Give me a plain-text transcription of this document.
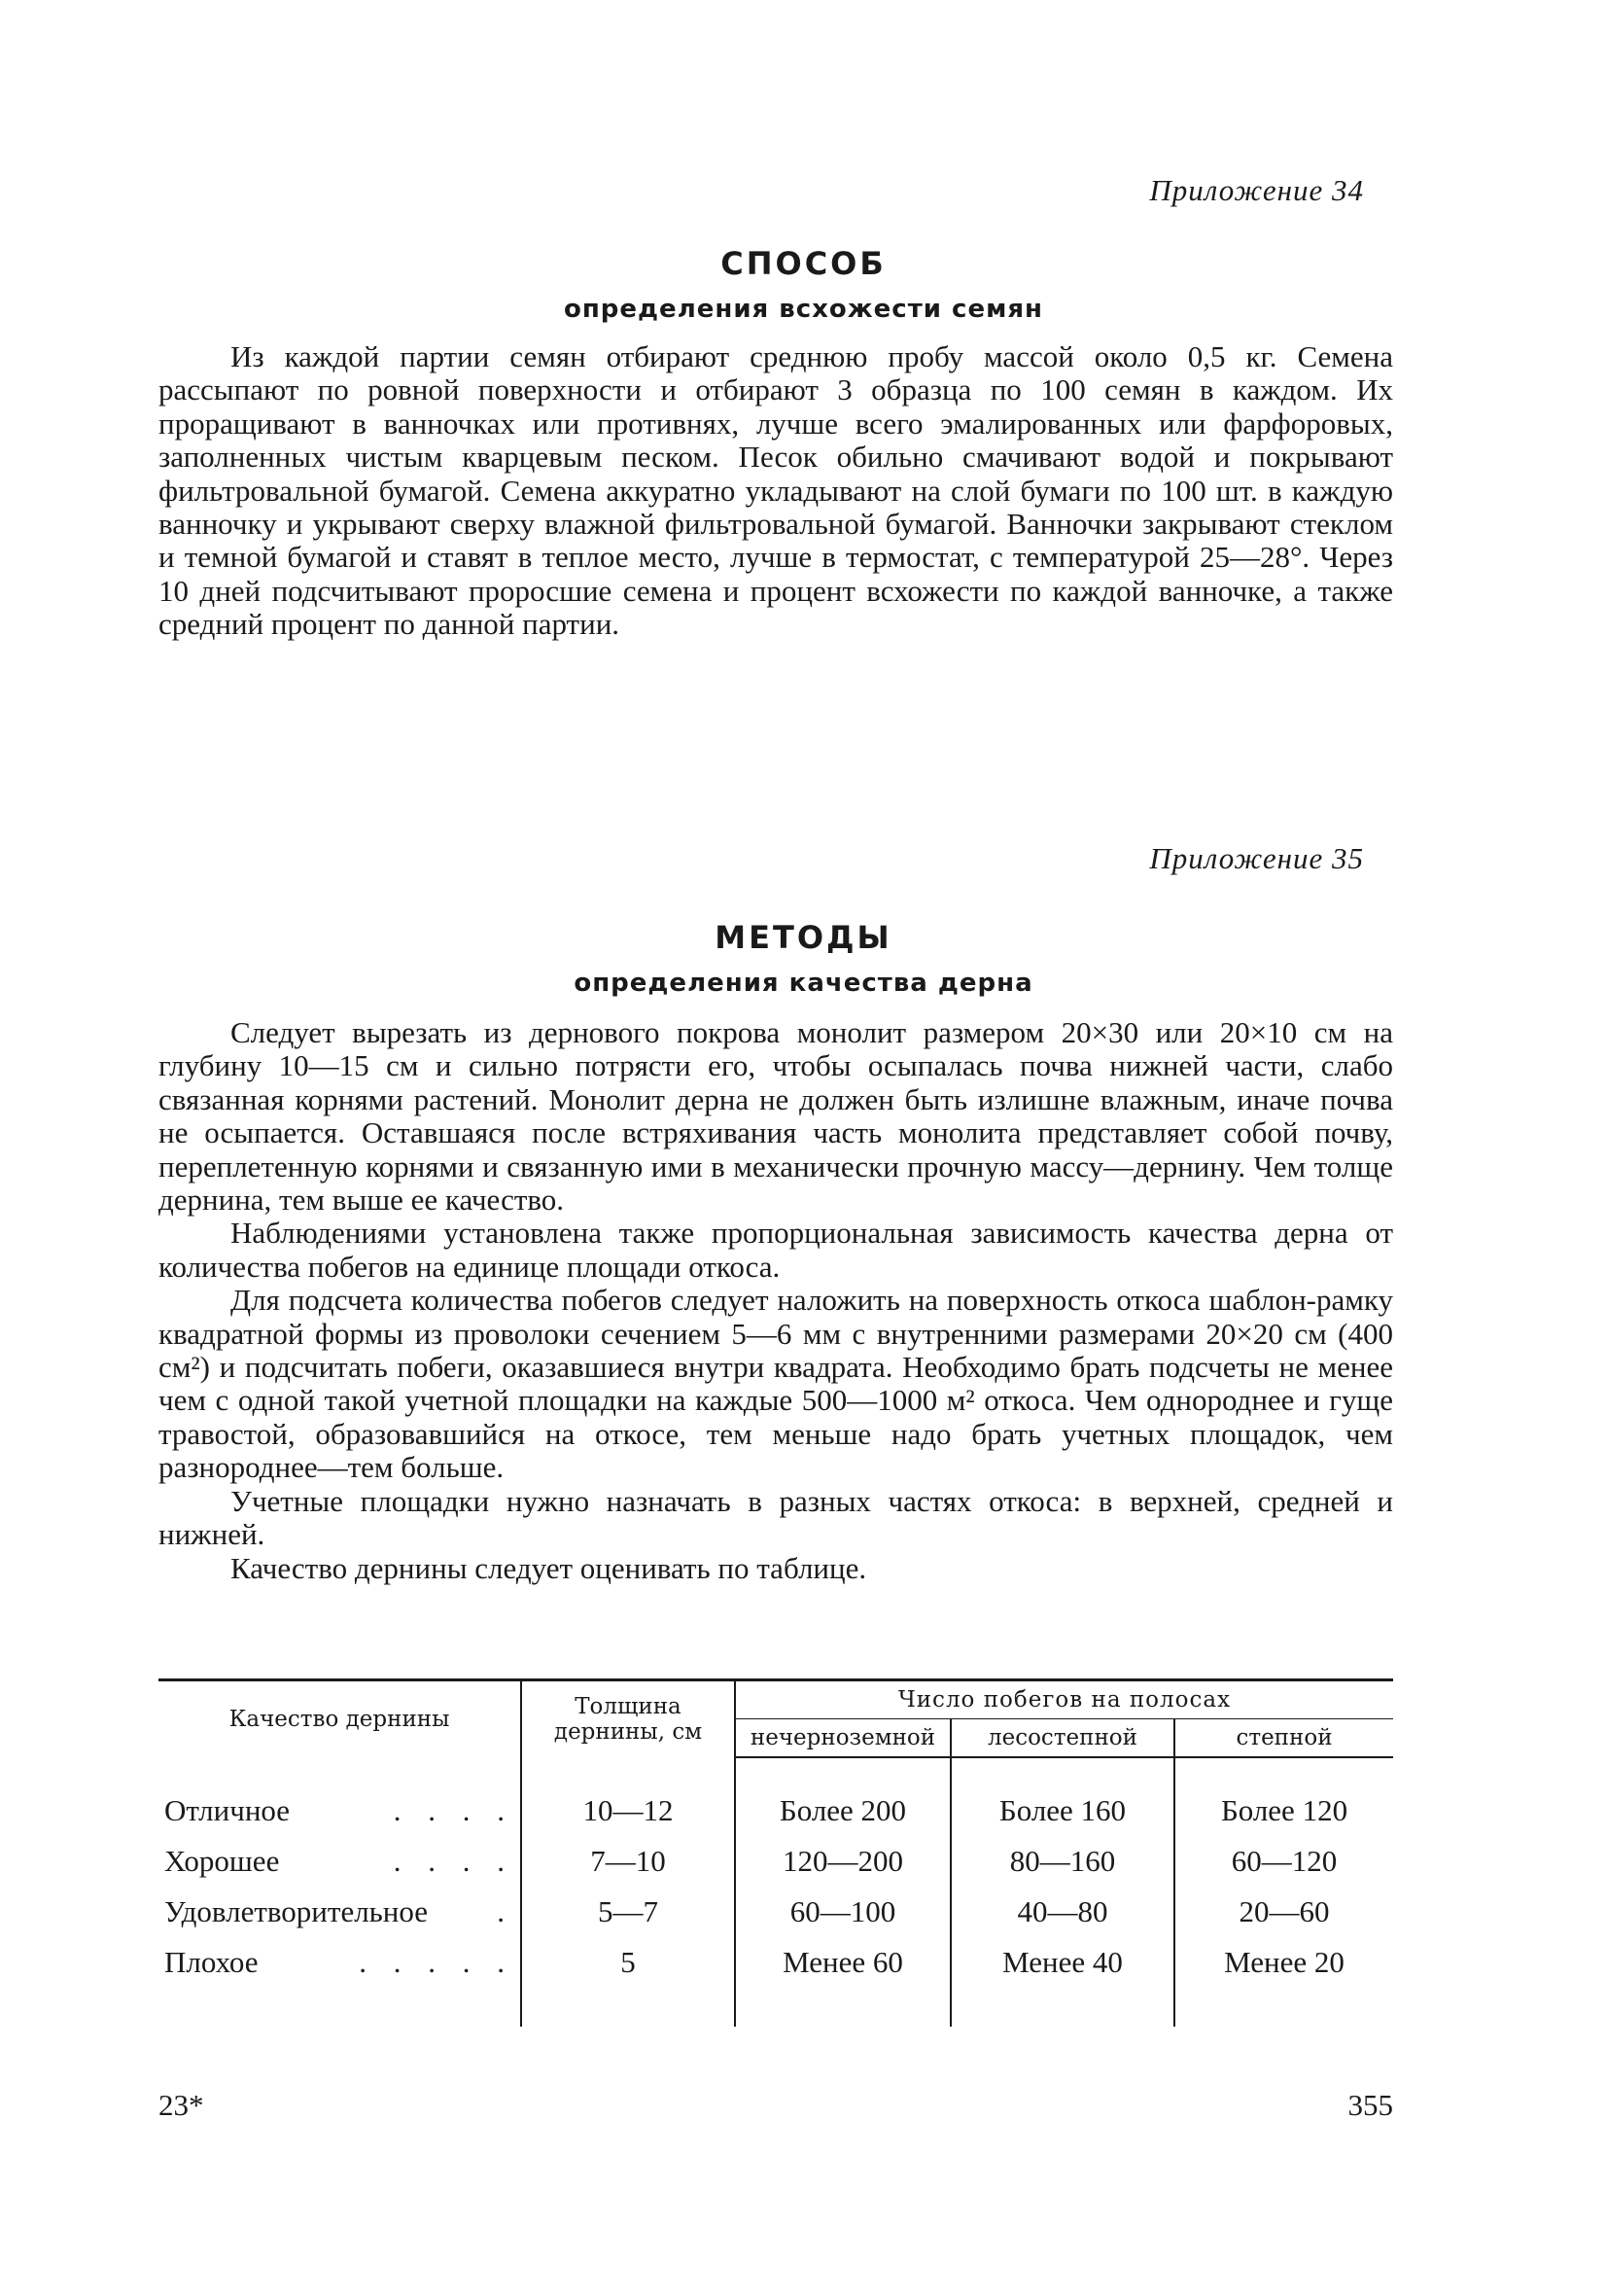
Приложение 34
СПОСОБ
определения всхожести семян

Из каждой партии семян отбирают среднюю пробу массой около 0,5 кг. Семена рассыпают по ровной поверхности и отбирают 3 образца по 100 семян в каждом. Их проращивают в ванночках или противнях, лучше всего эмалированных или фарфоровых, заполненных чистым кварцевым песком. Песок обильно смачивают водой и покрывают фильтровальной бумагой. Семена аккуратно укладывают на слой бумаги по 100 шт. в каждую ванночку и укрывают сверху влажной фильтровальной бумагой. Ванночки закрывают стеклом и темной бумагой и ставят в теплое место, лучше в термостат, с температурой 25—28°. Через 10 дней подсчитывают проросшие семена и процент всхожести по каждой ванночке, а также средний процент по данной партии.

Приложение 35
МЕТОДЫ
определения качества дерна

Следует вырезать из дернового покрова монолит размером 20×30 или 20×10 см на глубину 10—15 см и сильно потрясти его, чтобы осыпалась почва нижней части, слабо связанная корнями растений. Монолит дерна не должен быть излишне влажным, иначе почва не осыпается. Оставшаяся после встряхивания часть монолита представляет собой почву, переплетенную корнями и связанную ими в механически прочную массу—дернину. Чем толще дернина, тем выше ее качество.

Наблюдениями установлена также пропорциональная зависимость качества дерна от количества побегов на единице площади откоса.

Для подсчета количества побегов следует наложить на поверхность откоса шаблон-рамку квадратной формы из проволоки сечением 5—6 мм с внутренними размерами 20×20 см (400 см²) и подсчитать побеги, оказавшиеся внутри квадрата. Необходимо брать подсчеты не менее чем с одной такой учетной площадки на каждые 500—1000 м² откоса. Чем однороднее и гуще травостой, образовавшийся на откосе, тем меньше надо брать учетных площадок, чем разнороднее—тем больше.

Учетные площадки нужно назначать в разных частях откоса: в верхней, средней и нижней.

Качество дернины следует оценивать по таблице.

Качество дернины	Толщина дернины, см	Число побегов на полосах		
		нечерноземной	лесостепной	степной

Отличное . . . .	10—12	Более 200	Более 160	Более 120

Хорошее . . . .	7—10	120—200	80—160	60—120

Удовлетворительное .	5—7	60—100	40—80	20—60

Плохое . . . . .	5	Менее 60	Менее 40	Менее 20
23*	355
